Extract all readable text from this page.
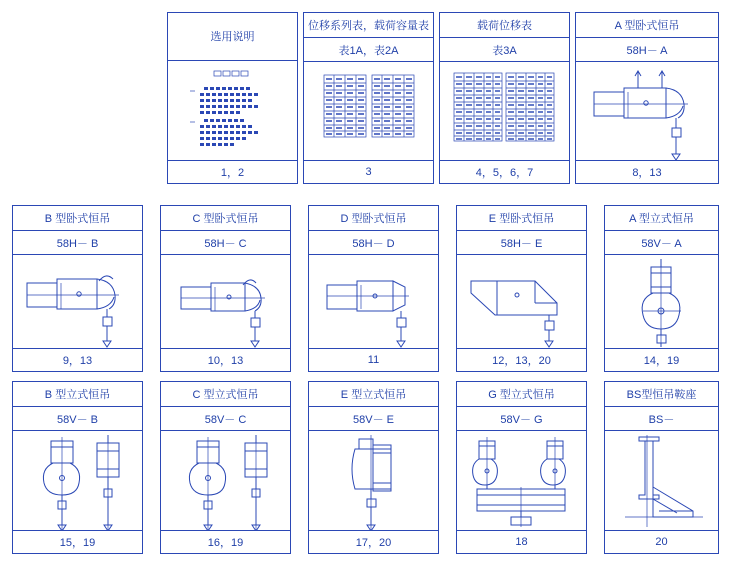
选用说明
1，2
位移系列表，载荷容量表
表1A，表2A
3
载荷位移表
表3A
4，5，6，7
A 型卧式恒吊
58H－ A
8，13
B 型卧式恒吊
58H－ B
9，13
C 型卧式恒吊
58H－ C
10，13
D 型卧式恒吊
58H－ D
11
E 型卧式恒吊
58H－ E
12，13，20
A 型立式恒吊
58V－ A
14，19
B 型立式恒吊
58V－ B
15，19
C 型立式恒吊
58V－ C
16，19
E 型立式恒吊
58V－ E
17，20
G 型立式恒吊
58V－ G
18
BS型恒吊鞍座
BS－
20
